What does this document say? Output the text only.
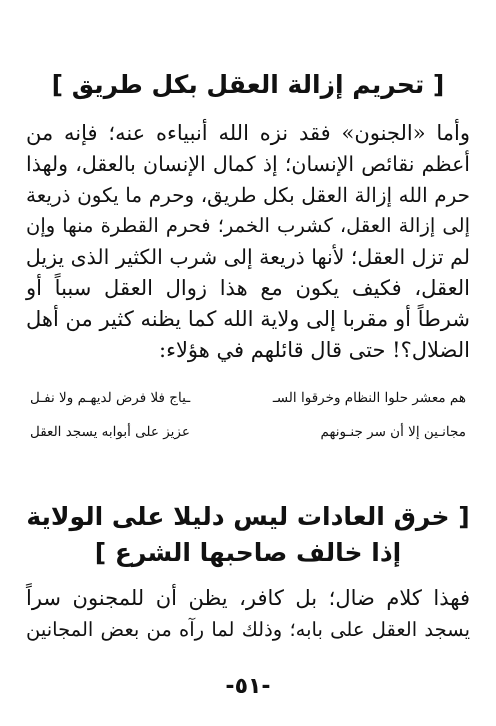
[ تحريم إزالة العقل بكل طريق ]
وأما «الجنون» فقد نزه الله أنبياءه عنه؛ فإنه من
أعظم نقائص الإنسان؛ إذ كمال الإنسان بالعقل، ولهذا
حرم الله إزالة العقل بكل طريق، وحرم ما يكون ذريعة
إلى إزالة العقل، كشرب الخمر؛ فحرم القطرة منها وإن
لم تزل العقل؛ لأنها ذريعة إلى شرب الكثير الذى يزيل
العقل، فكيف يكون مع هذا زوال العقل سبباً أو
شرطاً أو مقربا إلى ولاية الله كما يظنه كثير من أهل
الضلال؟! حتى قال قائلهم في هؤلاء:
هم معشر حلوا النظام وخرقوا السـ
ـياج فلا فرض لديهـم ولا نفـل
مجانـين إلا أن سر جنـونهم
عزيز على أبوابه يسجد العقل
[ خرق العادات ليس دليلا على الولاية
إذا خالف صاحبها الشرع ]
فهذا كلام ضال؛ بل كافر، يظن أن للمجنون سراً
يسجد العقل على بابه؛ وذلك لما رآه من بعض المجانين
-٥١-
